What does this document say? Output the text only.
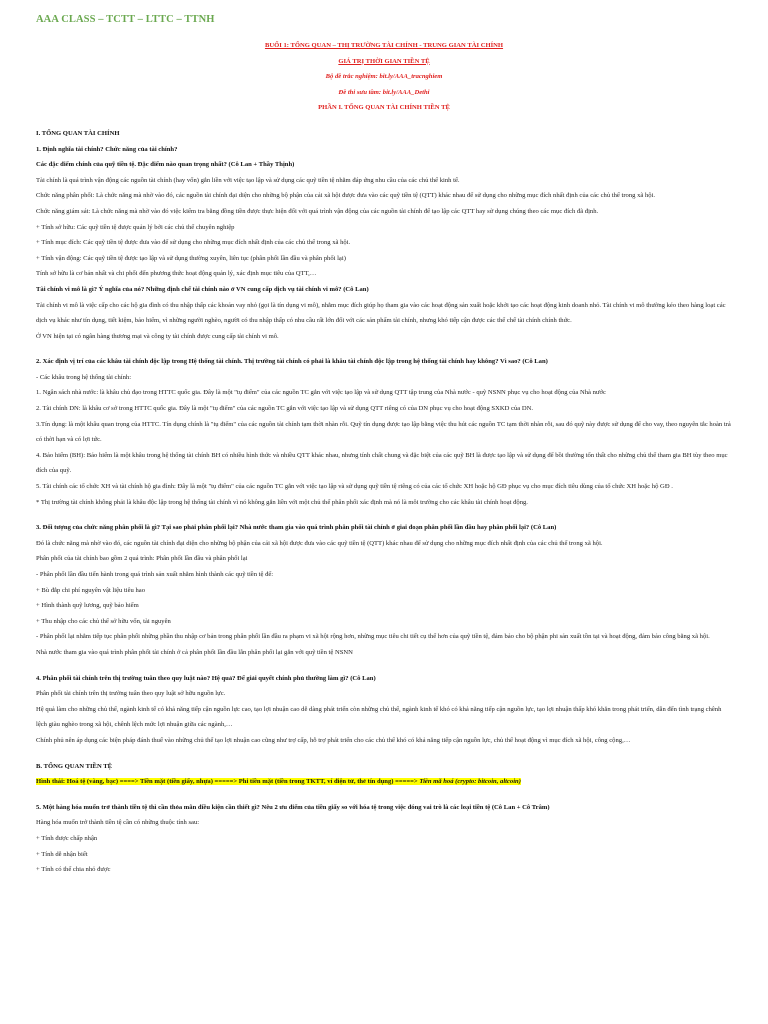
AAA CLASS – TCTT – LTTC – TTNH
BUỔI 1: TỔNG QUAN – THỊ TRƯỜNG TÀI CHÍNH - TRUNG GIAN TÀI CHÍNH
GIÁ TRỊ THỜI GIAN TIỀN TỆ
Bộ đề trắc nghiệm: bit.ly/AAA_tracnghiem
Đề thi sưu tầm: bit.ly/AAA_Dethi
PHẦN I. TỔNG QUAN TÀI CHÍNH TIỀN TỆ

I. TỔNG QUAN TÀI CHÍNH

1. Định nghĩa tài chính? Chức năng của tài chính?

Các đặc điểm chính của quỹ tiền tệ. Đặc điểm nào quan trọng nhất? (Cô Lan + Thầy Thịnh)

Tài chính là quá trình vận động các nguồn tài chính (hay vốn) gắn liền với việc tạo lập và sử dụng các quỹ tiền tệ nhằm đáp ứng nhu cầu của các chủ thể kinh tế.

Chức năng phân phối: Là chức năng mà nhờ vào đó, các nguồn tài chính đại diện cho những bộ phận của cải xã hội được đưa vào các quỹ tiền tệ (QTT) khác nhau để sử dụng cho những mục đích nhất định của các chủ thể trong xã hội.

Chức năng giám sát: Là chức năng mà nhờ vào đó việc kiểm tra bằng đồng tiền được thực hiện đối với quá trình vận động của các nguồn tài chính để tạo lập các QTT hay sử dụng chúng theo các mục đích đã định.

+ Tính sở hữu: Các quỹ tiền tệ được quản lý bởi các chủ thể chuyên nghiệp

+ Tính mục đích: Các quỹ tiền tệ được đưa vào để sử dụng cho những mục đích nhất định của các chủ thể trong xã hội.

+ Tính vận động: Các quỹ tiền tệ được tạo lập và sử dụng thường xuyên, liên tục (phân phối lần đầu và phân phối lại)

Tính sở hữu là cơ bản nhất và chi phối đến phương thức hoạt động quản lý, xác định mục tiêu của QTT,…

Tài chính vi mô là gì? Ý nghĩa của nó? Những định chế tài chính nào ở VN cung cấp dịch vụ tài chính vi mô? (Cô Lan)

Tài chính vi mô là việc cấp cho các hộ gia đình có thu nhập thấp các khoản vay nhỏ (gọi là tín dụng vi mô), nhằm mục đích giúp họ tham gia vào các hoạt động sản xuất hoặc khởi tạo các hoạt động kinh doanh nhỏ. Tài chính vi mô thường kéo theo hàng loạt các dịch vụ khác như tín dụng, tiết kiệm, bảo hiểm, vì những người nghèo, người có thu nhập thấp có nhu cầu rất lớn đối với các sản phẩm tài chính, nhưng khó tiếp cận được các thể chế tài chính chính thức.

Ở VN hiện tại có ngân hàng thương mại và công ty tài chính được cung cấp tài chính vi mô.

2. Xác định vị trí của các khâu tài chính độc lập trong Hệ thống tài chính. Thị trường tài chính có phải là khâu tài chính độc lập trong hệ thống tài chính hay không? Vì sao? (Cô Lan)

- Các khâu trong hệ thống tài chính:

1. Ngân sách nhà nước: là khâu chủ đạo trong HTTC quốc gia. Đây là một "tụ điểm" của các nguồn TC gắn với việc tạo lập và sử dụng QTT tập trung của Nhà nước - quỹ NSNN phục vụ cho hoạt động của Nhà nước

2. Tài chính DN: là khâu cơ sở trong HTTC quốc gia. Đây là một "tụ điểm" của các nguồn TC gắn với việc tạo lập và sử dụng QTT riêng có của DN phục vụ cho hoạt động SXKD của DN.

3.Tín dụng: là một khâu quan trọng của HTTC. Tín dụng chính là "tụ điểm" của các nguồn tài chính tạm thời nhàn rỗi. Quỹ tín dụng được tạo lập bằng việc thu hút các nguồn TC tạm thời nhàn rỗi, sau đó quỹ này được sử dụng để cho vay, theo nguyên tắc hoàn trả có thời hạn và có lợi tức.

4. Bảo hiểm (BH): Bảo hiểm là một khâu trong hệ thống tài chính BH có nhiều hình thức và nhiều QTT khác nhau, nhưng tính chất chung và đặc biệt của các quỹ BH là được tạo lập và sử dụng để bồi thường tổn thất cho những chủ thể tham gia BH tùy theo mục đích của quỹ.

5. Tài chính các tổ chức XH và tài chính hộ gia đình: Đây là một "tụ điểm" của các nguồn TC gắn với việc tạo lập và sử dụng quỹ tiền tệ riêng có của các tổ chức XH hoặc hộ GĐ phục vụ cho mục đích tiêu dùng của tổ chức XH hoặc hộ GĐ .

* Thị trường tài chính không phải là khâu độc lập trong hệ thống tài chính vì nó không gắn liền với một chủ thể phân phối xác định mà nó là môi trường cho các khâu tài chính hoạt động.

3. Đối tượng của chức năng phân phối là gì? Tại sao phải phân phối lại? Nhà nước tham gia vào quá trình phân phối tài chính ở giai đoạn phân phối lần đầu hay phân phối lại? (Cô Lan)

Đó là chức năng mà nhờ vào đó, các nguồn tài chính đại diện cho những bộ phận của cải xã hội được đưa vào các quỹ tiền tệ (QTT) khác nhau để sử dụng cho những mục đích nhất định của các chủ thể trong xã hội.

Phân phối của tài chính bao gồm 2 quá trình: Phân phối lần đầu và phân phối lại

- Phân phối lần đầu tiến hành trong quá trình sản xuất nhằm hình thành các quỹ tiền tệ để:

+ Bù đắp chi phí nguyên vật liệu tiêu hao

+ Hình thành quỹ lương, quỹ bảo hiểm

+ Thu nhập cho các chủ thể sở hữu vốn, tài nguyên

- Phân phối lại nhằm tiếp tục phân phối những phần thu nhập cơ bản trong phân phối lần đầu ra phạm vi xã hội rộng hơn, những mục tiêu chi tiết cụ thể hơn của quỹ tiền tệ, đảm bảo cho bộ phận phi sản xuất tồn tại và hoạt động, đảm bảo công bằng xã hội.

Nhà nước tham gia vào quá trình phân phối tài chính ở cả phân phối lần đầu lẫn phân phối lại gắn với quỹ tiền tệ NSNN

4. Phân phối tài chính trên thị trường tuân theo quy luật nào? Hệ quả? Để giải quyết chính phủ thường làm gì? (Cô Lan)

Phân phối tài chính trên thị trường tuân theo quy luật sở hữu nguồn lực.

Hệ quả làm cho những chủ thể, ngành kinh tế có khả năng tiếp cận nguồn lực cao, tạo lợi nhuận cao dễ dàng phát triển còn những chủ thể, ngành kinh tế khó có khả năng tiếp cận nguồn lực, tạo lợi nhuận thấp khó khăn trong phát triển, dẫn đến tình trạng chênh lệch giàu nghèo trong xã hội, chênh lệch mức lợi nhuận giữa các ngành,…

Chính phủ nên áp dụng các biện pháp đánh thuế vào những chủ thể tạo lợi nhuận cao cũng như trợ cấp, hỗ trợ phát triển cho các chủ thể khó có khả năng tiếp cận nguồn lực, chủ thể hoạt động vì mục đích xã hội, công cộng,…

B. TỔNG QUAN TIỀN TỆ

Hình thái: Hoá tệ (vàng, bạc) ====> Tiền mặt (tiền giấy, nhựa) =====> Phi tiền mặt (tiền trong TKTT, ví điện tử, thẻ tín dụng) =====> Tiền mã hoá (crypto: bitcoin, altcoin)

5. Một hàng hóa muốn trở thành tiền tệ thì cần thỏa mãn điều kiện cần thiết gì? Nêu 2 ưu điểm của tiền giấy so với hóa tệ trong việc đóng vai trò là các loại tiền tệ (Cô Lan + Cô Trâm)

Hàng hóa muốn trở thành tiền tệ cần có những thuộc tính sau:

+ Tính được chấp nhận

+ Tính dễ nhận biết

+ Tính có thể chia nhỏ được
